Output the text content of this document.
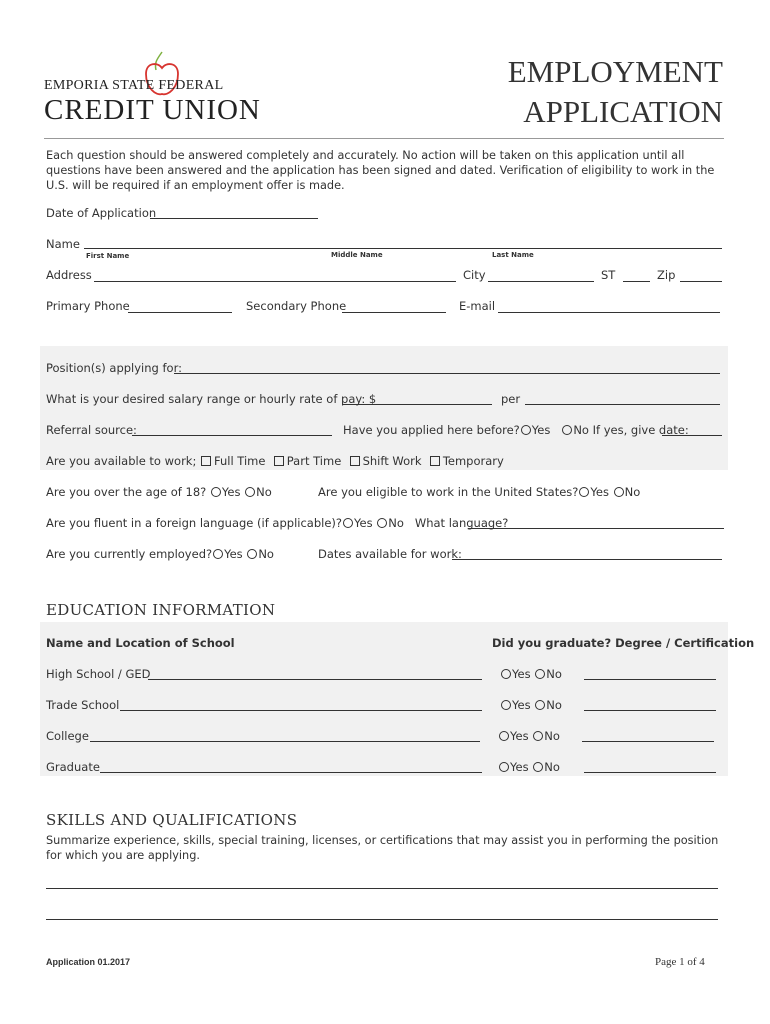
EMPORIA STATE FEDERAL
CREDIT UNION
EMPLOYMENT
APPLICATION
Each question should be answered completely and accurately. No action will be taken on this application until all questions have been answered and the application has been signed and dated. Verification of eligibility to work in the U.S. will be required if an employment offer is made.
Date of Application
Name
First Name	Middle Name	Last Name
Address	City	ST	Zip
Primary Phone	Secondary Phone	E-mail
Position(s) applying for:
What is your desired salary range or hourly rate of pay: $	per
Referral source:	Have you applied here before? Yes No If yes, give date:
Are you available to work; Full Time Part Time Shift Work Temporary
Are you over the age of 18? Yes No	Are you eligible to work in the United States? Yes No
Are you fluent in a foreign language (if applicable)? Yes No What language?
Are you currently employed? Yes No	Dates available for work:
EDUCATION INFORMATION
Name and Location of School	Did you graduate? Degree / Certification
High School / GED	Yes No
Trade School	Yes No
College	Yes No
Graduate	Yes No
SKILLS AND QUALIFICATIONS
Summarize experience, skills, special training, licenses, or certifications that may assist you in performing the position for which you are applying.
Application 01.2017	Page 1 of 4
